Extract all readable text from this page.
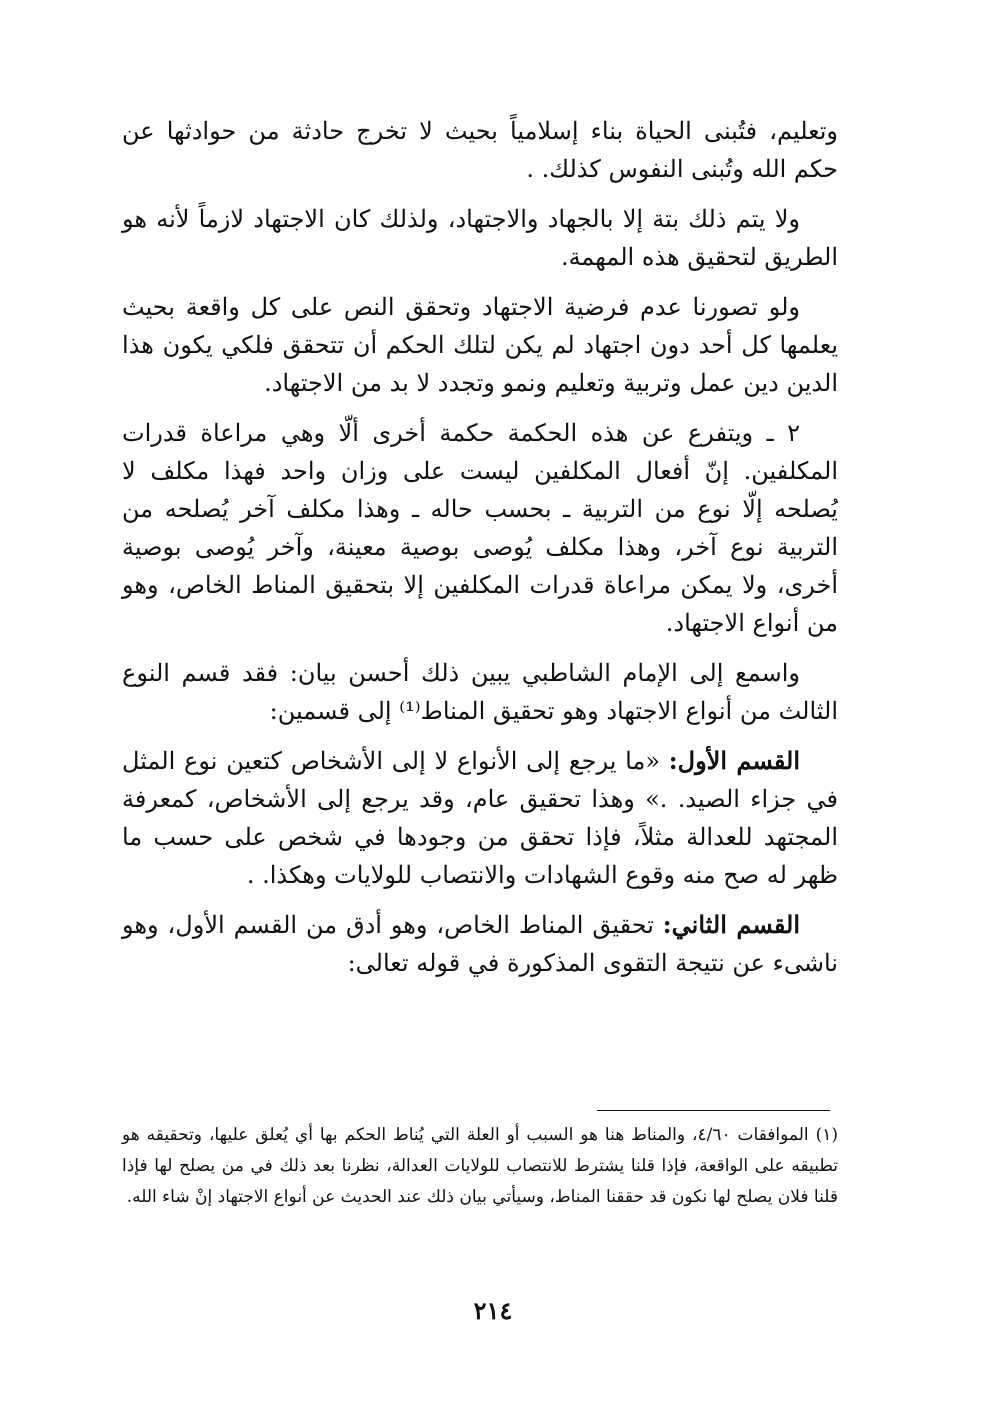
وتعليم، فتُبنى الحياة بناء إسلامياً بحيث لا تخرج حادثة من حوادثها عن حكم الله وتُبنى النفوس كذلك. .

ولا يتم ذلك بتة إلا بالجهاد والاجتهاد، ولذلك كان الاجتهاد لازماً لأنه هو الطريق لتحقيق هذه المهمة.

ولو تصورنا عدم فرضية الاجتهاد وتحقق النص على كل واقعة بحيث يعلمها كل أحد دون اجتهاد لم يكن لتلك الحكم أن تتحقق فلكي يكون هذا الدين دين عمل وتربية وتعليم ونمو وتجدد لا بد من الاجتهاد.

٢ ـ ويتفرع عن هذه الحكمة حكمة أخرى ألّا وهي مراعاة قدرات المكلفين. إنّ أفعال المكلفين ليست على وزان واحد فهذا مكلف لا يُصلحه إلّا نوع من التربية ـ بحسب حاله ـ وهذا مكلف آخر يُصلحه من التربية نوع آخر، وهذا مكلف يُوصى بوصية معينة، وآخر يُوصى بوصية أخرى، ولا يمكن مراعاة قدرات المكلفين إلا بتحقيق المناط الخاص، وهو من أنواع الاجتهاد.

واسمع إلى الإمام الشاطبي يبين ذلك أحسن بيان: فقد قسم النوع الثالث من أنواع الاجتهاد وهو تحقيق المناط⁽¹⁾ إلى قسمين:

القسم الأول: «ما يرجع إلى الأنواع لا إلى الأشخاص كتعين نوع المثل في جزاء الصيد. .» وهذا تحقيق عام، وقد يرجع إلى الأشخاص، كمعرفة المجتهد للعدالة مثلاً، فإذا تحقق من وجودها في شخص على حسب ما ظهر له صح منه وقوع الشهادات والانتصاب للولايات وهكذا. .

القسم الثاني: تحقيق المناط الخاص، وهو أدق من القسم الأول، وهو ناشىء عن نتيجة التقوى المذكورة في قوله تعالى:

(١) الموافقات ٤/٦٠، والمناط هنا هو السبب أو العلة التي يُناط الحكم بها أي يُعلق عليها، وتحقيقه هو تطبيقه على الواقعة، فإذا قلنا يشترط للانتصاب للولايات العدالة، نظرنا بعد ذلك في من يصلح لها فإذا قلنا فلان يصلح لها نكون قد حققنا المناط، وسيأتي بيان ذلك عند الحديث عن أنواع الاجتهاد إنْ شاء الله.

٢١٤
